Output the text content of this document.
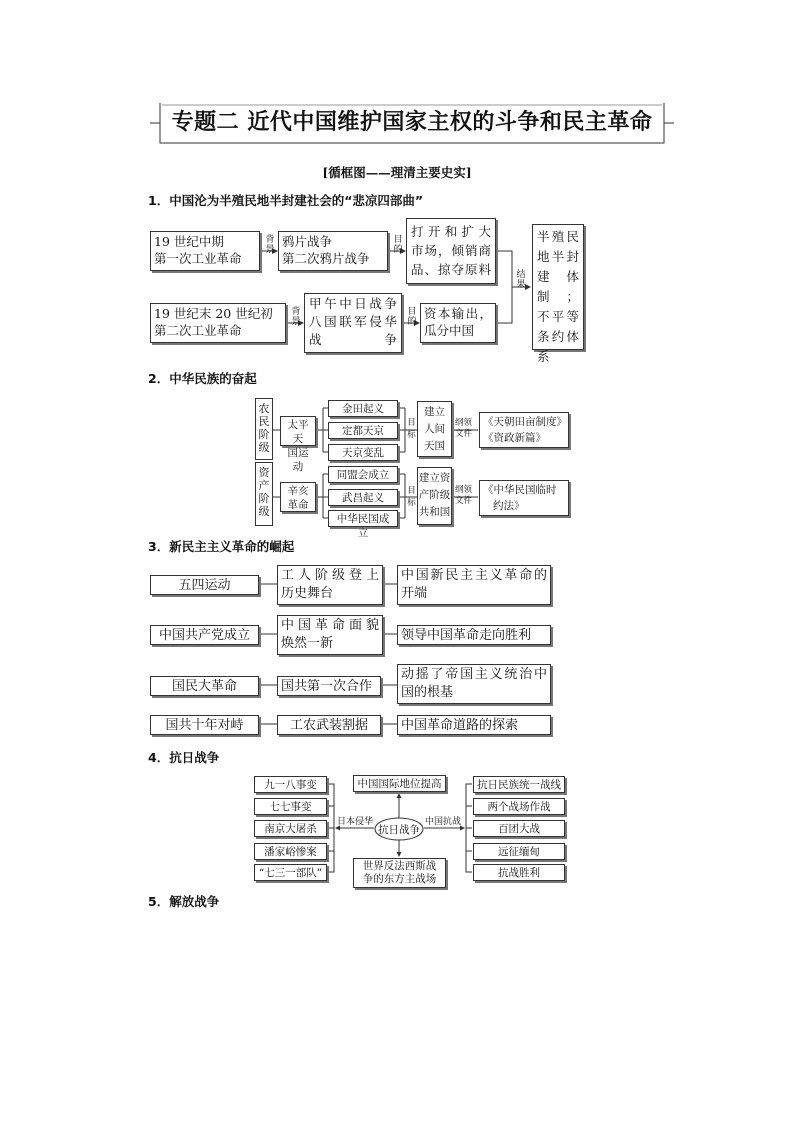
专题二 近代中国维护国家主权的斗争和民主革命
[循框图——理清主要史实]
1．中国沦为半殖民地半封建社会的“悲凉四部曲”
19 世纪中期
第一次工业革命
背
景
鸦片战争
第二次鸦片战争
目
的
打开和扩大
市场，倾销商
品、掠夺原料
19 世纪末 20 世纪初
第二次工业革命
背
景
甲午中日战争
八国联军侵华
战争
目
的
资本输出，
瓜分中国
结
果
半殖民
地半封
建体制；
不平等
条约体
系
2．中华民族的奋起
农民阶级
资产阶级
太平天
国运动
辛亥
革命
金田起义
定都天京
天京变乱
同盟会成立
武昌起义
中华民国成立
目标
目标
建立
人间
天国
建立资
产阶级
共和国
纲领
文件
纲领
文件
《天朝田亩制度》
《资政新篇》
《中华民国临时
约法》
3．新民主主义革命的崛起
五四运动
工人阶级登上
历史舞台
中国新民主主义革命的
开端
中国共产党成立
中国革命面貌
焕然一新
领导中国革命走向胜利
国民大革命	国共第一次合作
动摇了帝国主义统治中
国的根基
国共十年对峙	工农武装割据	中国革命道路的探索
4．抗日战争
抗日战争
日本侵华	中国抗战
中国国际地位提高
世界反法西斯战
争的东方主战场
九一八事变
七七事变
南京大屠杀
潘家峪惨案
“七三一部队”
抗日民族统一战线
两个战场作战
百团大战
远征缅甸
抗战胜利
5．解放战争
